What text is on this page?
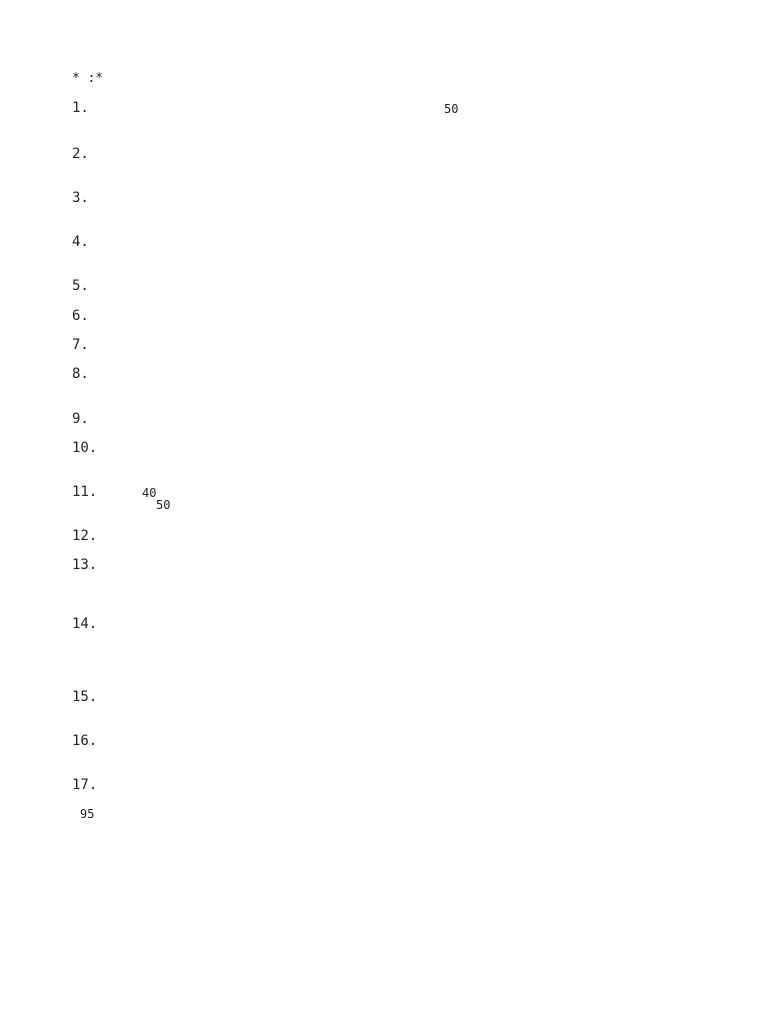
* :*
1.	50
2.
3.
4.
5.
6.
7.
8.
9.
10.
11.	40
50
12.
13.
14.
15.
16.
17.
95
